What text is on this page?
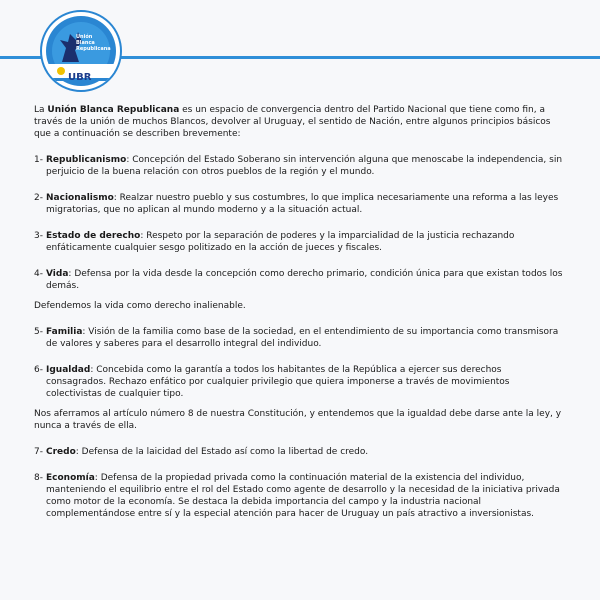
Unión
Blanca
Republicana
UBR

La Unión Blanca Republicana es un espacio de convergencia dentro del Partido Nacional que tiene como fin, a través de la unión de muchos Blancos, devolver al Uruguay, el sentido de Nación, entre algunos principios básicos que a continuación se describen brevemente:

1- Republicanismo: Concepción del Estado Soberano sin intervención alguna que menoscabe la independencia, sin perjuicio de la buena relación con otros pueblos de la región y el mundo.

2- Nacionalismo: Realzar nuestro pueblo y sus costumbres, lo que implica necesariamente una reforma a las leyes migratorias, que no aplican al mundo moderno y a la situación actual.

3- Estado de derecho: Respeto por la separación de poderes y la imparcialidad de la justicia rechazando enfáticamente cualquier sesgo politizado en la acción de jueces y fiscales.

4- Vida: Defensa por la vida desde la concepción como derecho primario, condición única para que existan todos los demás.

Defendemos la vida como derecho inalienable.

5- Familia: Visión de la familia como base de la sociedad, en el entendimiento de su importancia como transmisora de valores y saberes para el desarrollo integral del individuo.

6- Igualdad: Concebida como la garantía a todos los habitantes de la República a ejercer sus derechos consagrados. Rechazo enfático por cualquier privilegio que quiera imponerse a través de movimientos colectivistas de cualquier tipo.

Nos aferramos al artículo número 8 de nuestra Constitución, y entendemos que la igualdad debe darse ante la ley, y nunca a través de ella.

7- Credo: Defensa de la laicidad del Estado así como la libertad de credo.

8- Economía: Defensa de la propiedad privada como la continuación material de la existencia del individuo, manteniendo el equilibrio entre el rol del Estado como agente de desarrollo y la necesidad de la iniciativa privada como motor de la economía. Se destaca la debida importancia del campo y la industria nacional complementándose entre sí y la especial atención para hacer de Uruguay un país atractivo a inversionistas.
